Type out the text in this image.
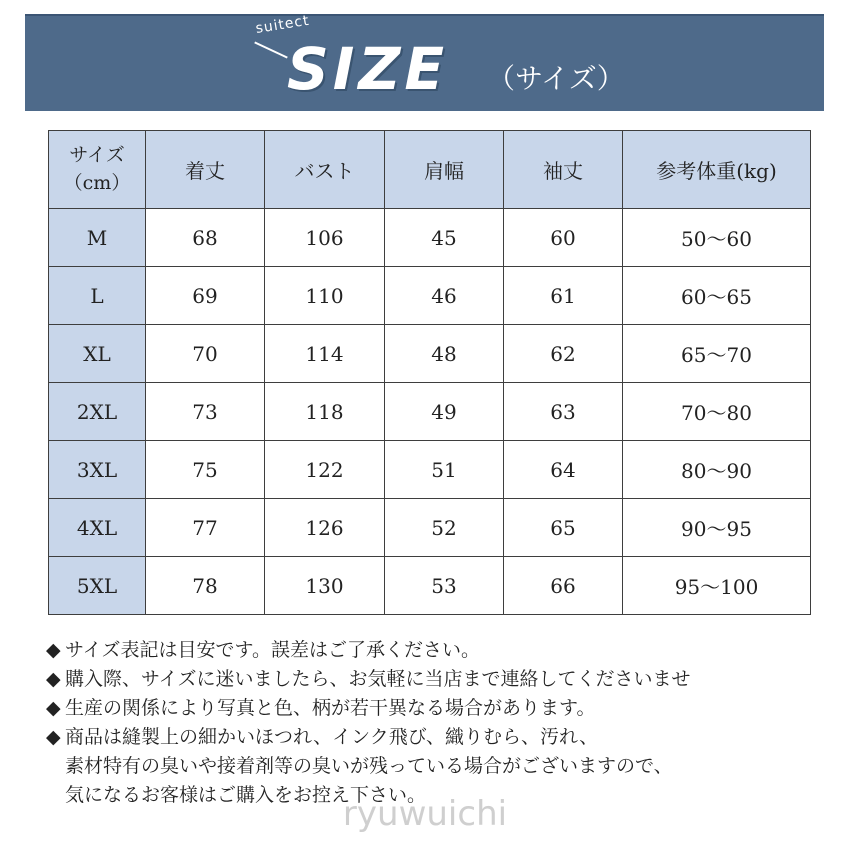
suitect
SIZE （サイズ）
サイズ
（cm）	着丈	バスト	肩幅	袖丈	参考体重(kg)
M	68	106	45	60	50～60
L	69	110	46	61	60～65
XL	70	114	48	62	65～70
2XL	73	118	49	63	70～80
3XL	75	122	51	64	80～90
4XL	77	126	52	65	90～95
5XL	78	130	53	66	95～100
◆ サイズ表記は目安です。誤差はご了承ください。
◆ 購入際、サイズに迷いましたら、お気軽に当店まで連絡してくださいませ
◆ 生産の関係により写真と色、柄が若干異なる場合があります。
◆ 商品は縫製上の細かいほつれ、インク飛び、織りむら、汚れ、
素材特有の臭いや接着剤等の臭いが残っている場合がございますので、
気になるお客様はご購入をお控え下さい。
ryuwuichi
